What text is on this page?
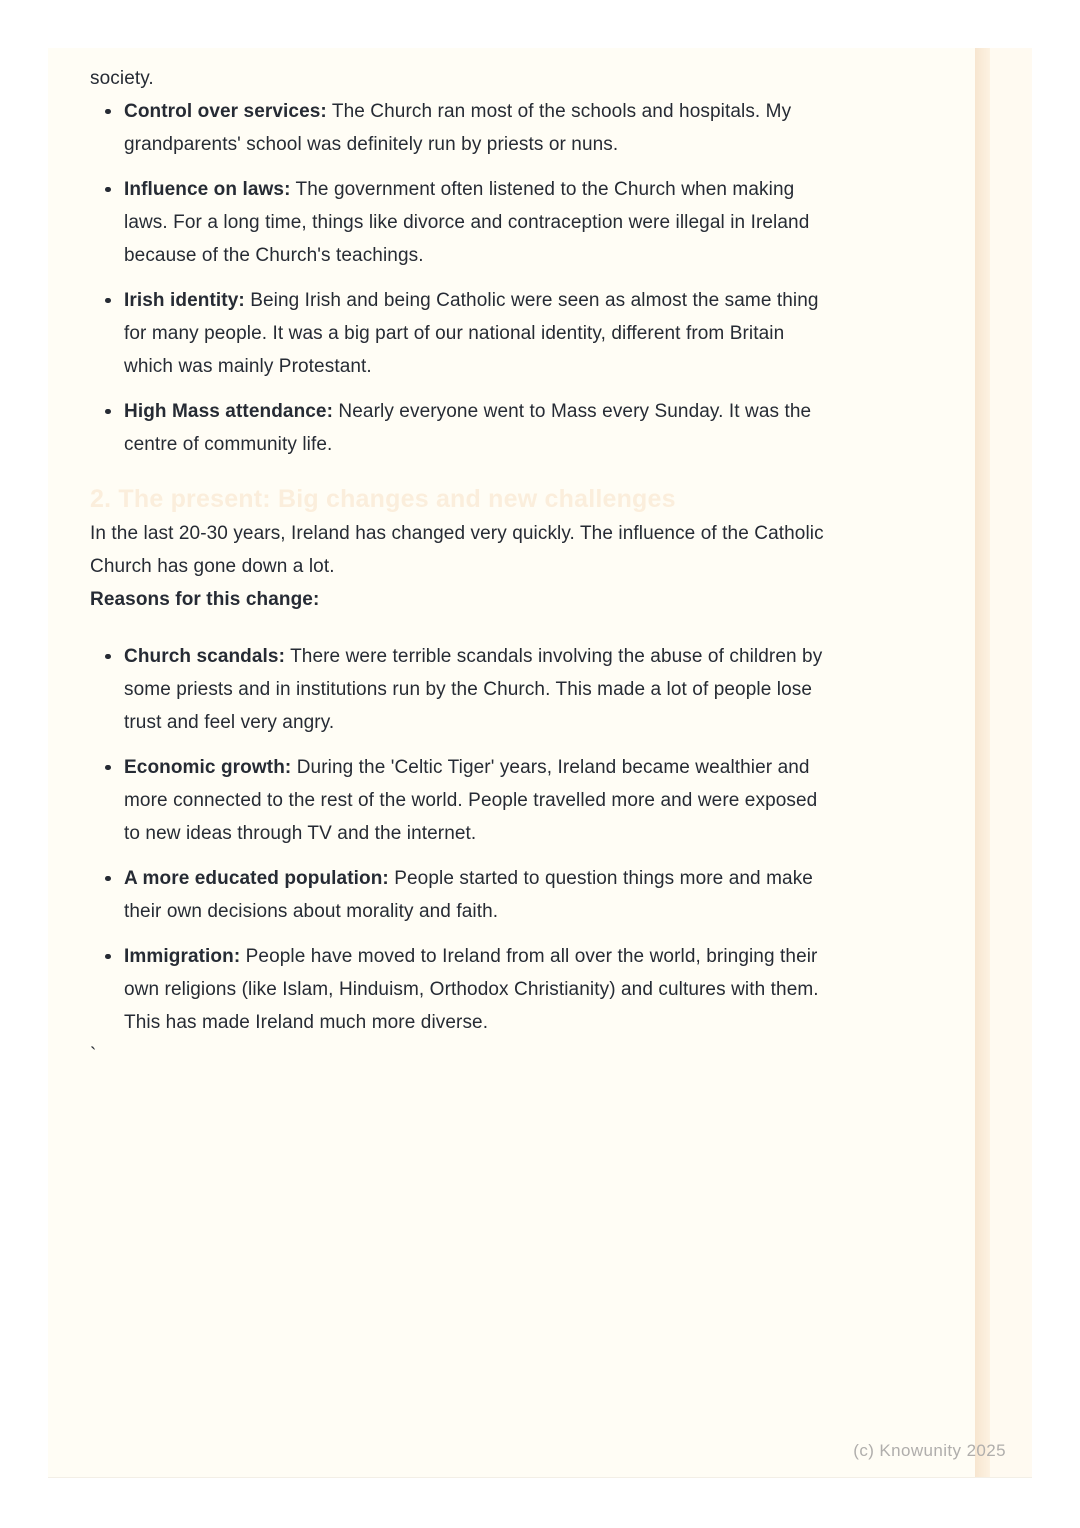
society.

Control over services: The Church ran most of the schools and hospitals. My grandparents' school was definitely run by priests or nuns.
Influence on laws: The government often listened to the Church when making laws. For a long time, things like divorce and contraception were illegal in Ireland because of the Church's teachings.
Irish identity: Being Irish and being Catholic were seen as almost the same thing for many people. It was a big part of our national identity, different from Britain which was mainly Protestant.
High Mass attendance: Nearly everyone went to Mass every Sunday. It was the centre of community life.
2. The present: Big changes and new challenges

In the last 20-30 years, Ireland has changed very quickly. The influence of the Catholic Church has gone down a lot.

Reasons for this change:

Church scandals: There were terrible scandals involving the abuse of children by some priests and in institutions run by the Church. This made a lot of people lose trust and feel very angry.
Economic growth: During the 'Celtic Tiger' years, Ireland became wealthier and more connected to the rest of the world. People travelled more and were exposed to new ideas through TV and the internet.
A more educated population: People started to question things more and make their own decisions about morality and faith.
Immigration: People have moved to Ireland from all over the world, bringing their own religions (like Islam, Hinduism, Orthodox Christianity) and cultures with them. This has made Ireland much more diverse.

`

(c) Knowunity 2025
